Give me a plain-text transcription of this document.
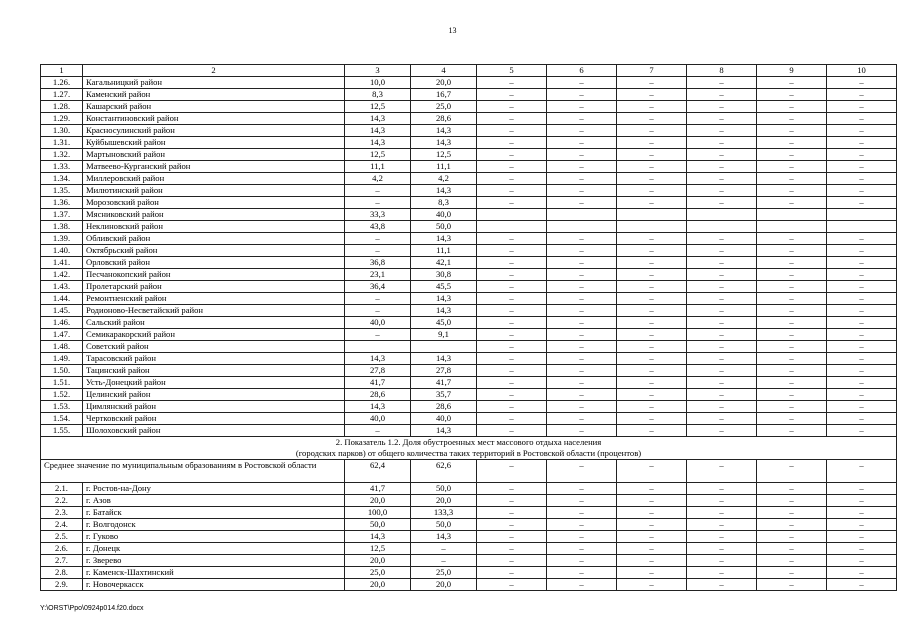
13
1	2	3	4	5	6	7	8	9	10
1.26.	Кагальницкий район	10,0	20,0	–	–	–	–	–	–
1.27.	Каменский район	8,3	16,7	–	–	–	–	–	–
1.28.	Кашарский район	12,5	25,0	–	–	–	–	–	–
1.29.	Константиновский район	14,3	28,6	–	–	–	–	–	–
1.30.	Красносулинский район	14,3	14,3	–	–	–	–	–	–
1.31.	Куйбышевский район	14,3	14,3	–	–	–	–	–	–
1.32.	Мартыновский район	12,5	12,5	–	–	–	–	–	–
1.33.	Матвеево-Курганский район	11,1	11,1	–	–	–	–	–	–
1.34.	Миллеровский район	4,2	4,2	–	–	–	–	–	–
1.35.	Милютинский район	–	14,3	–	–	–	–	–	–
1.36.	Морозовский район	–	8,3	–	–	–	–	–	–
1.37.	Мясниковский район	33,3	40,0						
1.38.	Неклиновский район	43,8	50,0						
1.39.	Обливский район	–	14,3	–	–	–	–	–	–
1.40.	Октябрьский район	–	11,1	–	–	–	–	–	–
1.41.	Орловский район	36,8	42,1	–	–	–	–	–	–
1.42.	Песчанокопский район	23,1	30,8	–	–	–	–	–	–
1.43.	Пролетарский район	36,4	45,5	–	–	–	–	–	–
1.44.	Ремонтненский район	–	14,3	–	–	–	–	–	–
1.45.	Родионово-Несветайский район	–	14,3	–	–	–	–	–	–
1.46.	Сальский район	40,0	45,0	–	–	–	–	–	–
1.47.	Семикаракорский район	–	9,1	–	–	–	–	–	–
1.48.	Советский район			–	–	–	–	–	–
1.49.	Тарасовский район	14,3	14,3	–	–	–	–	–	–
1.50.	Тацинский район	27,8	27,8	–	–	–	–	–	–
1.51.	Усть-Донецкий район	41,7	41,7	–	–	–	–	–	–
1.52.	Целинский район	28,6	35,7	–	–	–	–	–	–
1.53.	Цимлянский район	14,3	28,6	–	–	–	–	–	–
1.54.	Чертковский район	40,0	40,0	–	–	–	–	–	–
1.55.	Шолоховский район	–	14,3	–	–	–	–	–	–

2. Показатель 1.2. Доля обустроенных мест массового отдыха населения
(городских парков) от общего количества таких территорий в Ростовской области (процентов)									

Среднее значение по муниципальным образованиям в Ростовской области		62,4	62,6	–	–	–	–	–	–
2.1.	г. Ростов-на-Дону	41,7	50,0	–	–	–	–	–	–
2.2.	г. Азов	20,0	20,0	–	–	–	–	–	–
2.3.	г. Батайск	100,0	133,3	–	–	–	–	–	–
2.4.	г. Волгодонск	50,0	50,0	–	–	–	–	–	–
2.5.	г. Гуково	14,3	14,3	–	–	–	–	–	–
2.6.	г. Донецк	12,5	–	–	–	–	–	–	–
2.7.	г. Зверево	20,0	–	–	–	–	–	–	–
2.8.	г. Каменск-Шахтинский	25,0	25,0	–	–	–	–	–	–
2.9.	г. Новочеркасск	20,0	20,0	–	–	–	–	–	–
Y:\ORST\Ppo\0924p014.f20.docx
